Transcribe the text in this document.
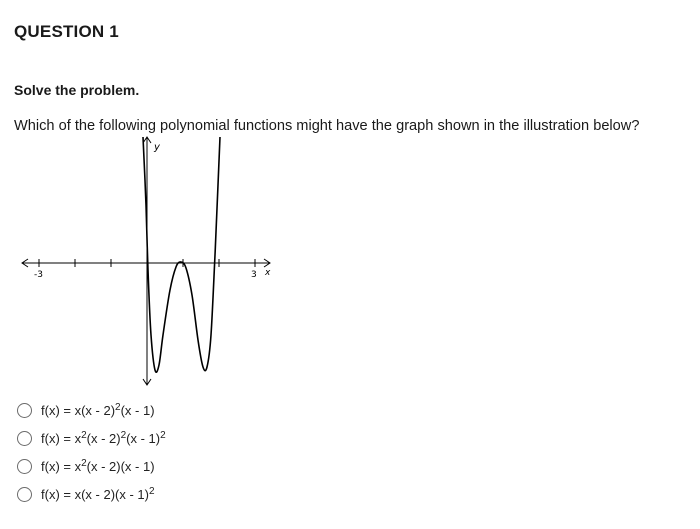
QUESTION 1
Solve the problem.
Which of the following polynomial functions might have the graph shown in the illustration below?
y
x
-3	3
f(x) = x(x - 2)$^2$(x - 1)
$f(x) = x^2(x - 2)^2(x - 1)^2$
$f(x) = x^2(x - 2)(x - 1)$
f(x) = x(x - 2)(x - 1)$^2$
